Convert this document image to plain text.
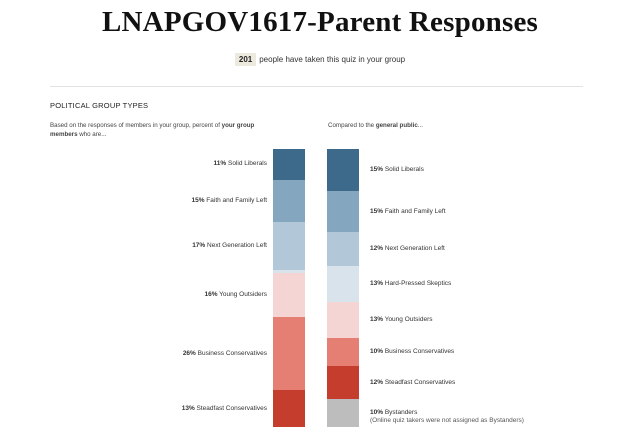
LNAPGOV1617-Parent Responses
201 people have taken this quiz in your group
POLITICAL GROUP TYPES
Based on the responses of members in your group, percent of your group members who are...
Compared to the general public...
11% Solid Liberals
15% Faith and Family Left
17% Next Generation Left
16% Young Outsiders
26% Business Conservatives
13% Steadfast Conservatives
15% Solid Liberals
15% Faith and Family Left
12% Next Generation Left
13% Hard-Pressed Skeptics
13% Young Outsiders
10% Business Conservatives
12% Steadfast Conservatives
10% Bystanders
(Online quiz takers were not assigned as Bystanders)
